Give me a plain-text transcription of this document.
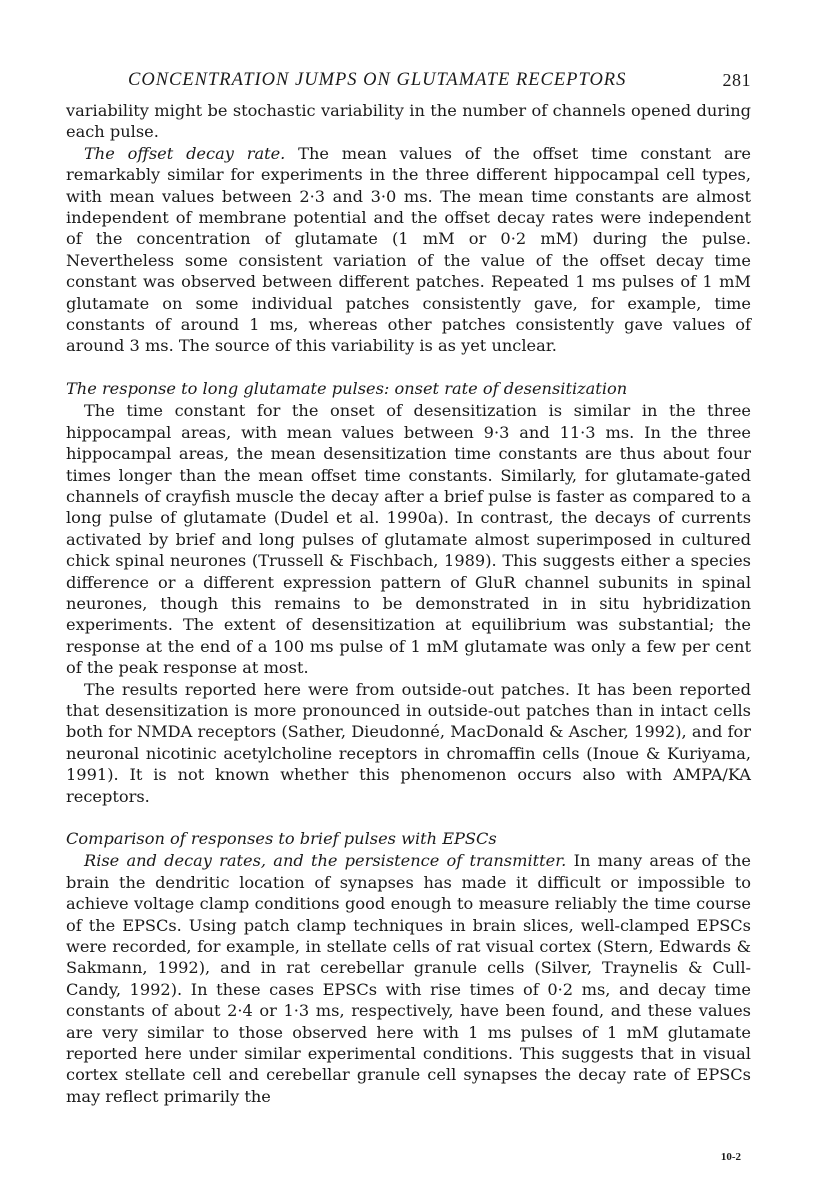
CONCENTRATION JUMPS ON GLUTAMATE RECEPTORS	281

variability might be stochastic variability in the number of channels opened during each pulse.

The offset decay rate. The mean values of the offset time constant are remarkably similar for experiments in the three different hippocampal cell types, with mean values between 2·3 and 3·0 ms. The mean time constants are almost independent of membrane potential and the offset decay rates were independent of the concentration of glutamate (1 mM or 0·2 mM) during the pulse. Nevertheless some consistent variation of the value of the offset decay time constant was observed between different patches. Repeated 1 ms pulses of 1 mM glutamate on some individual patches consistently gave, for example, time constants of around 1 ms, whereas other patches consistently gave values of around 3 ms. The source of this variability is as yet unclear.

The response to long glutamate pulses: onset rate of desensitization

The time constant for the onset of desensitization is similar in the three hippocampal areas, with mean values between 9·3 and 11·3 ms. In the three hippocampal areas, the mean desensitization time constants are thus about four times longer than the mean offset time constants. Similarly, for glutamate-gated channels of crayfish muscle the decay after a brief pulse is faster as compared to a long pulse of glutamate (Dudel et al. 1990a). In contrast, the decays of currents activated by brief and long pulses of glutamate almost superimposed in cultured chick spinal neurones (Trussell & Fischbach, 1989). This suggests either a species difference or a different expression pattern of GluR channel subunits in spinal neurones, though this remains to be demonstrated in in situ hybridization experiments. The extent of desensitization at equilibrium was substantial; the response at the end of a 100 ms pulse of 1 mM glutamate was only a few per cent of the peak response at most.

The results reported here were from outside-out patches. It has been reported that desensitization is more pronounced in outside-out patches than in intact cells both for NMDA receptors (Sather, Dieudonné, MacDonald & Ascher, 1992), and for neuronal nicotinic acetylcholine receptors in chromaffin cells (Inoue & Kuriyama, 1991). It is not known whether this phenomenon occurs also with AMPA/KA receptors.

Comparison of responses to brief pulses with EPSCs

Rise and decay rates, and the persistence of transmitter. In many areas of the brain the dendritic location of synapses has made it difficult or impossible to achieve voltage clamp conditions good enough to measure reliably the time course of the EPSCs. Using patch clamp techniques in brain slices, well-clamped EPSCs were recorded, for example, in stellate cells of rat visual cortex (Stern, Edwards & Sakmann, 1992), and in rat cerebellar granule cells (Silver, Traynelis & Cull-Candy, 1992). In these cases EPSCs with rise times of 0·2 ms, and decay time constants of about 2·4 or 1·3 ms, respectively, have been found, and these values are very similar to those observed here with 1 ms pulses of 1 mM glutamate reported here under similar experimental conditions. This suggests that in visual cortex stellate cell and cerebellar granule cell synapses the decay rate of EPSCs may reflect primarily the

10-2
